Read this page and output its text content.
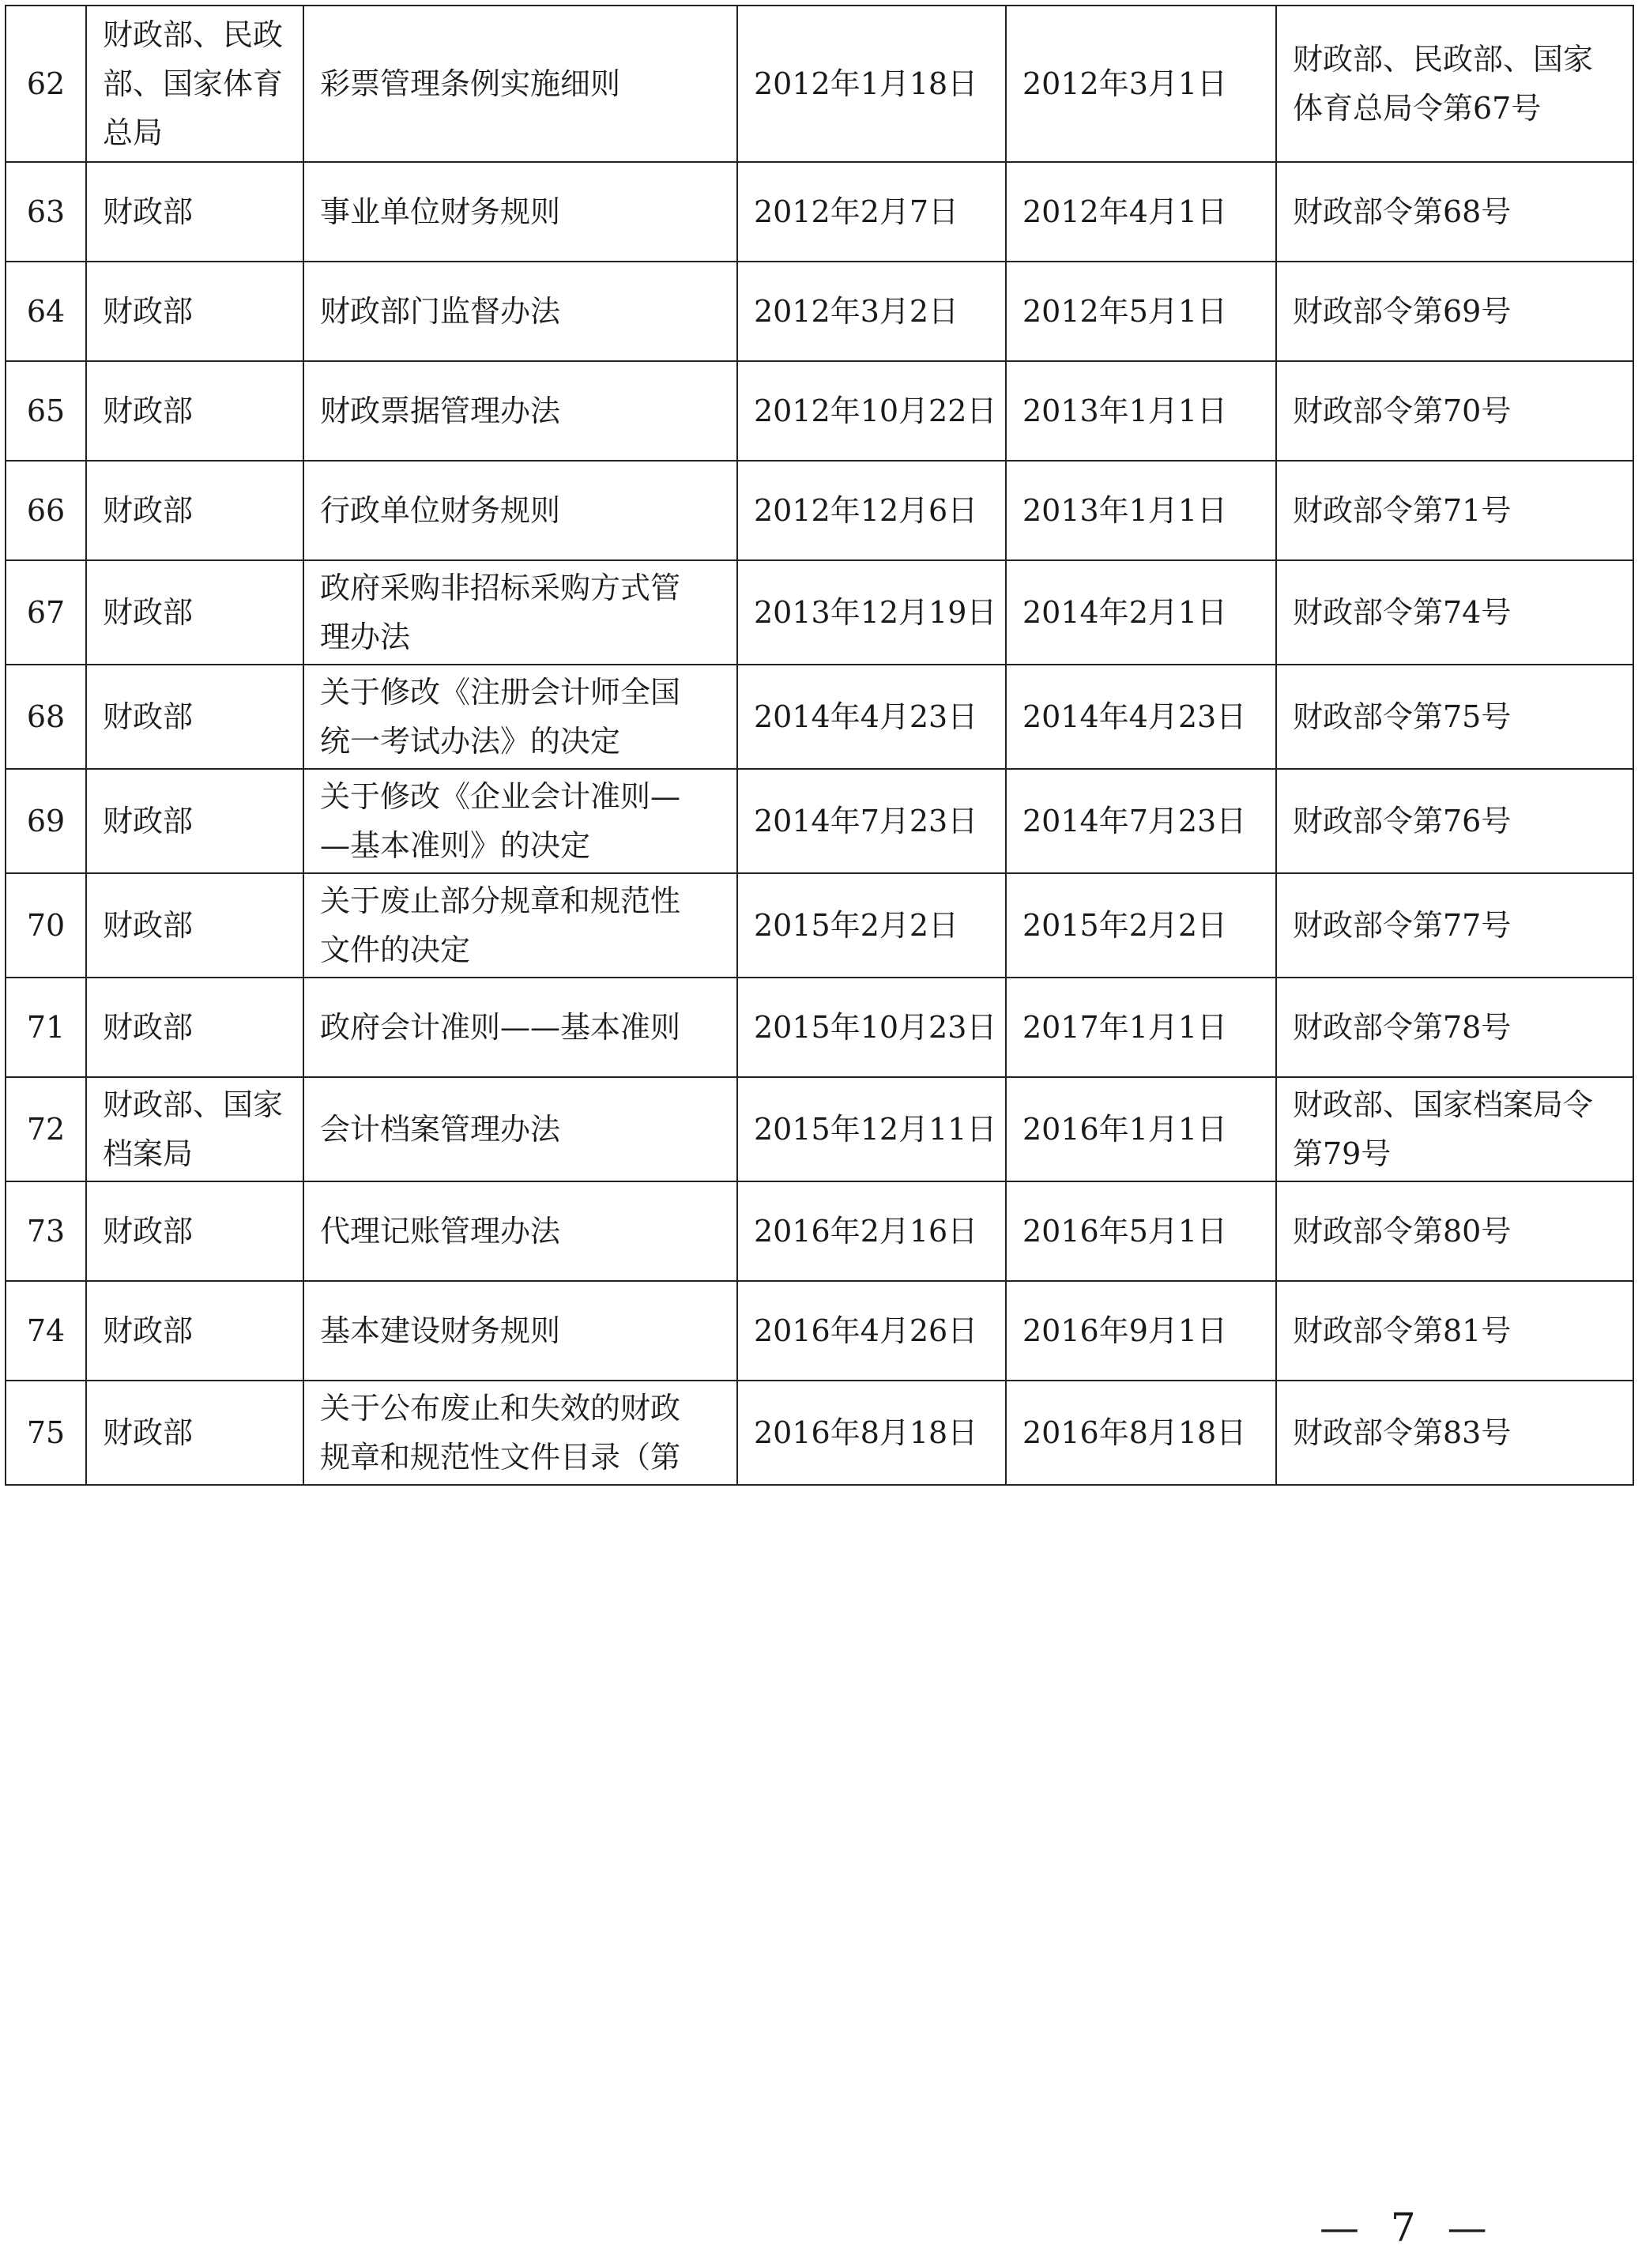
62	财政部、民政
部、国家体育
总局	彩票管理条例实施细则	2012年1月18日	2012年3月1日	财政部、民政部、国家
体育总局令第67号

63	财政部	事业单位财务规则	2012年2月7日	2012年4月1日	财政部令第68号

64	财政部	财政部门监督办法	2012年3月2日	2012年5月1日	财政部令第69号

65	财政部	财政票据管理办法	2012年10月22日	2013年1月1日	财政部令第70号

66	财政部	行政单位财务规则	2012年12月6日	2013年1月1日	财政部令第71号

67	财政部	政府采购非招标采购方式管
理办法	2013年12月19日	2014年2月1日	财政部令第74号

68	财政部	关于修改《注册会计师全国
统一考试办法》的决定	2014年4月23日	2014年4月23日	财政部令第75号

69	财政部	关于修改《企业会计准则—
—基本准则》的决定	2014年7月23日	2014年7月23日	财政部令第76号

70	财政部	关于废止部分规章和规范性
文件的决定	2015年2月2日	2015年2月2日	财政部令第77号

71	财政部	政府会计准则——基本准则	2015年10月23日	2017年1月1日	财政部令第78号

72	财政部、国家
档案局	会计档案管理办法	2015年12月11日	2016年1月1日	财政部、国家档案局令
第79号

73	财政部	代理记账管理办法	2016年2月16日	2016年5月1日	财政部令第80号

74	财政部	基本建设财务规则	2016年4月26日	2016年9月1日	财政部令第81号

75	财政部	关于公布废止和失效的财政
规章和规范性文件目录（第	2016年8月18日	2016年8月18日	财政部令第83号
— 7 —
